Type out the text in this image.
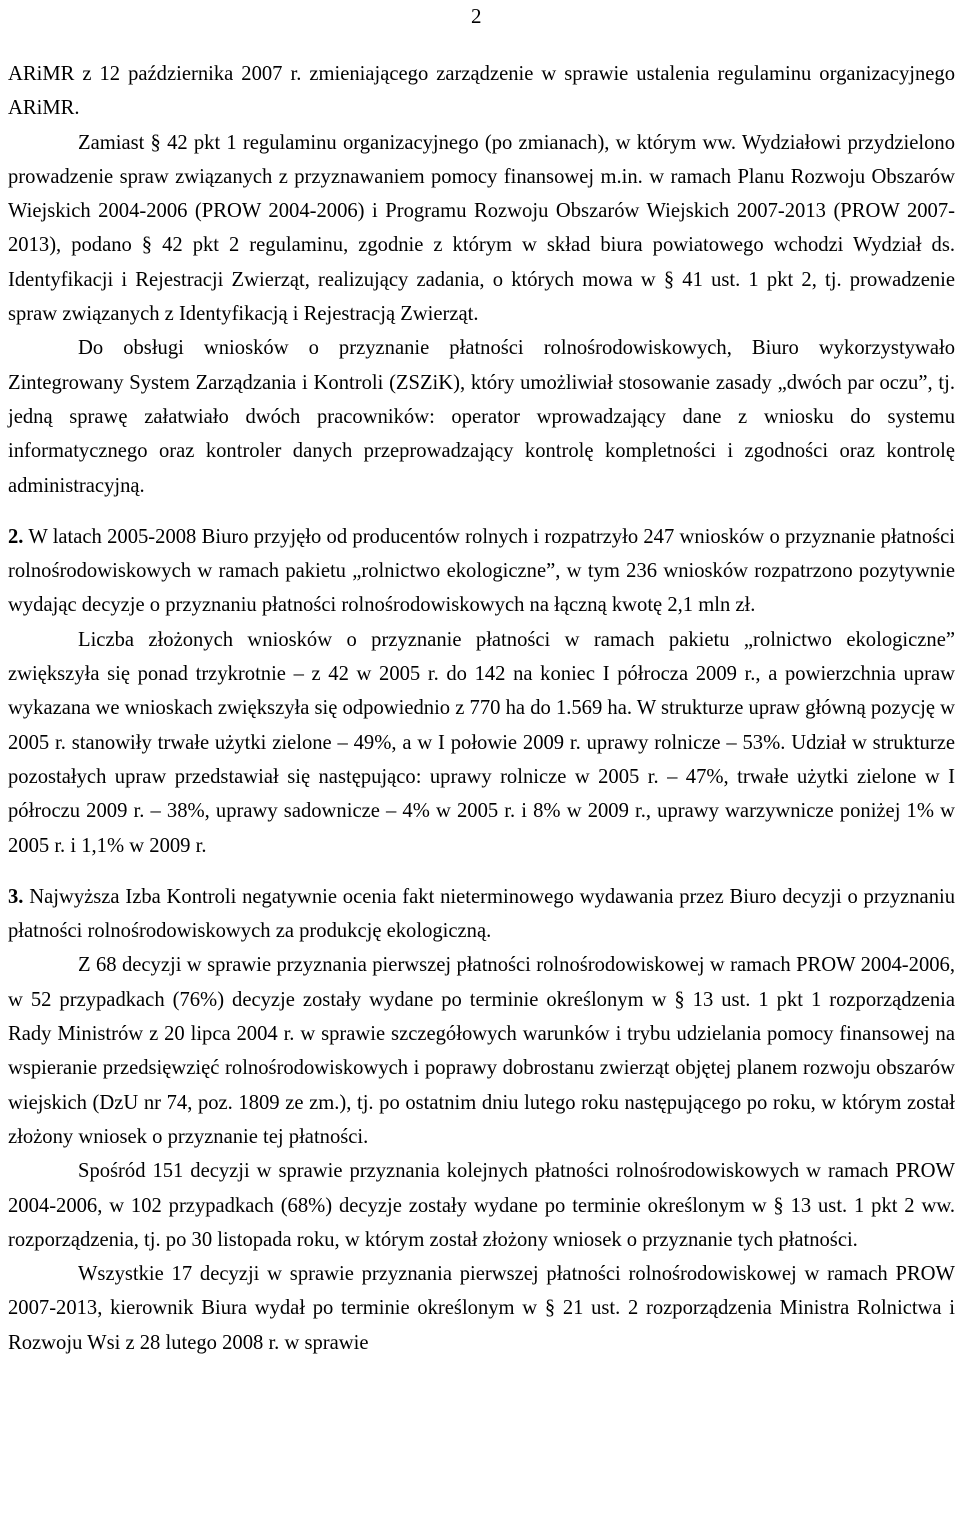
2

ARiMR z 12 października 2007 r. zmieniającego zarządzenie w sprawie ustalenia regulaminu organizacyjnego ARiMR.

Zamiast § 42 pkt 1 regulaminu organizacyjnego (po zmianach), w którym ww. Wydziałowi przydzielono prowadzenie spraw związanych z przyznawaniem pomocy finansowej m.in. w ramach Planu Rozwoju Obszarów Wiejskich 2004-2006 (PROW 2004-2006) i Programu Rozwoju Obszarów Wiejskich 2007-2013 (PROW 2007-2013), podano § 42 pkt 2 regulaminu, zgodnie z którym w skład biura powiatowego wchodzi Wydział ds. Identyfikacji i Rejestracji Zwierząt, realizujący zadania, o których mowa w § 41 ust. 1 pkt 2, tj. prowadzenie spraw związanych z Identyfikacją i Rejestracją Zwierząt.

Do obsługi wniosków o przyznanie płatności rolnośrodowiskowych, Biuro wykorzystywało Zintegrowany System Zarządzania i Kontroli (ZSZiK), który umożliwiał stosowanie zasady „dwóch par oczu”, tj. jedną sprawę załatwiało dwóch pracowników: operator wprowadzający dane z wniosku do systemu informatycznego oraz kontroler danych przeprowadzający kontrolę kompletności i zgodności oraz kontrolę administracyjną.

2. W latach 2005-2008 Biuro przyjęło od producentów rolnych i rozpatrzyło 247 wniosków o przyznanie płatności rolnośrodowiskowych w ramach pakietu „rolnictwo ekologiczne”, w tym 236 wniosków rozpatrzono pozytywnie wydając decyzje o przyznaniu płatności rolnośrodowiskowych na łączną kwotę 2,1 mln zł.

Liczba złożonych wniosków o przyznanie płatności w ramach pakietu „rolnictwo ekologiczne” zwiększyła się ponad trzykrotnie – z 42 w 2005 r. do 142 na koniec I półrocza 2009 r., a powierzchnia upraw wykazana we wnioskach zwiększyła się odpowiednio z 770 ha do 1.569 ha. W strukturze upraw główną pozycję w 2005 r. stanowiły trwałe użytki zielone – 49%, a w I połowie 2009 r. uprawy rolnicze – 53%. Udział w strukturze pozostałych upraw przedstawiał się następująco: uprawy rolnicze w 2005 r. – 47%, trwałe użytki zielone w I półroczu 2009 r. – 38%, uprawy sadownicze – 4% w 2005 r. i 8% w 2009 r., uprawy warzywnicze poniżej 1% w 2005 r. i 1,1% w 2009 r.

3. Najwyższa Izba Kontroli negatywnie ocenia fakt nieterminowego wydawania przez Biuro decyzji o przyznaniu płatności rolnośrodowiskowych za produkcję ekologiczną.

Z 68 decyzji w sprawie przyznania pierwszej płatności rolnośrodowiskowej w ramach PROW 2004-2006, w 52 przypadkach (76%) decyzje zostały wydane po terminie określonym w § 13 ust. 1 pkt 1 rozporządzenia Rady Ministrów z 20 lipca 2004 r. w sprawie szczegółowych warunków i trybu udzielania pomocy finansowej na wspieranie przedsięwzięć rolnośrodowiskowych i poprawy dobrostanu zwierząt objętej planem rozwoju obszarów wiejskich (DzU nr 74, poz. 1809 ze zm.), tj. po ostatnim dniu lutego roku następującego po roku, w którym został złożony wniosek o przyznanie tej płatności.

Spośród 151 decyzji w sprawie przyznania kolejnych płatności rolnośrodowiskowych w ramach PROW 2004-2006, w 102 przypadkach (68%) decyzje zostały wydane po terminie określonym w § 13 ust. 1 pkt 2 ww. rozporządzenia, tj. po 30 listopada roku, w którym został złożony wniosek o przyznanie tych płatności.

Wszystkie 17 decyzji w sprawie przyznania pierwszej płatności rolnośrodowiskowej w ramach PROW 2007-2013, kierownik Biura wydał po terminie określonym w § 21 ust. 2 rozporządzenia Ministra Rolnictwa i Rozwoju Wsi z 28 lutego 2008 r. w sprawie
